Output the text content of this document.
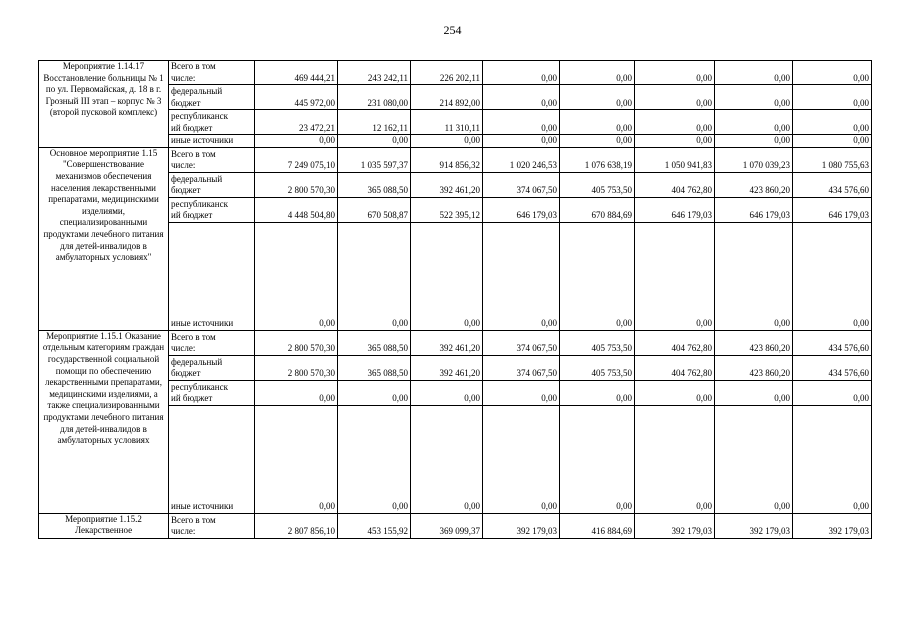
254
Мероприятие 1.14.17 Восстановление больницы № 1 по ул. Первомайская, д. 18 в г. Грозный III этап – корпус № 3 (второй пусковой комплекс)	Всего в том
числе:	469 444,21	243 242,11	226 202,11	0,00	0,00	0,00	0,00	0,00
	федеральный
бюджет	445 972,00	231 080,00	214 892,00	0,00	0,00	0,00	0,00	0,00
	республиканск
ий бюджет	23 472,21	12 162,11	11 310,11	0,00	0,00	0,00	0,00	0,00
	иные источники	0,00	0,00	0,00	0,00	0,00	0,00	0,00	0,00
Основное мероприятие 1.15 "Совершенствование механизмов обеспечения населения лекарственными препаратами, медицинскими изделиями, специализированными продуктами лечебного питания для детей-инвалидов в амбулаторных условиях"	Всего в том
числе:	7 249 075,10	1 035 597,37	914 856,32	1 020 246,53	1 076 638,19	1 050 941,83	1 070 039,23	1 080 755,63
	федеральный
бюджет	2 800 570,30	365 088,50	392 461,20	374 067,50	405 753,50	404 762,80	423 860,20	434 576,60
	республиканск
ий бюджет	4 448 504,80	670 508,87	522 395,12	646 179,03	670 884,69	646 179,03	646 179,03	646 179,03
	иные источники	0,00	0,00	0,00	0,00	0,00	0,00	0,00	0,00
Мероприятие 1.15.1 Оказание отдельным категориям граждан государственной социальной помощи по обеспечению лекарственными препаратами, медицинскими изделиями, а также специализированными продуктами лечебного питания для детей-инвалидов в амбулаторных условиях	Всего в том
числе:	2 800 570,30	365 088,50	392 461,20	374 067,50	405 753,50	404 762,80	423 860,20	434 576,60
	федеральный
бюджет	2 800 570,30	365 088,50	392 461,20	374 067,50	405 753,50	404 762,80	423 860,20	434 576,60
	республиканск
ий бюджет	0,00	0,00	0,00	0,00	0,00	0,00	0,00	0,00
	иные источники	0,00	0,00	0,00	0,00	0,00	0,00	0,00	0,00
Мероприятие 1.15.2 Лекарственное	Всего в том
числе:	2 807 856,10	453 155,92	369 099,37	392 179,03	416 884,69	392 179,03	392 179,03	392 179,03
